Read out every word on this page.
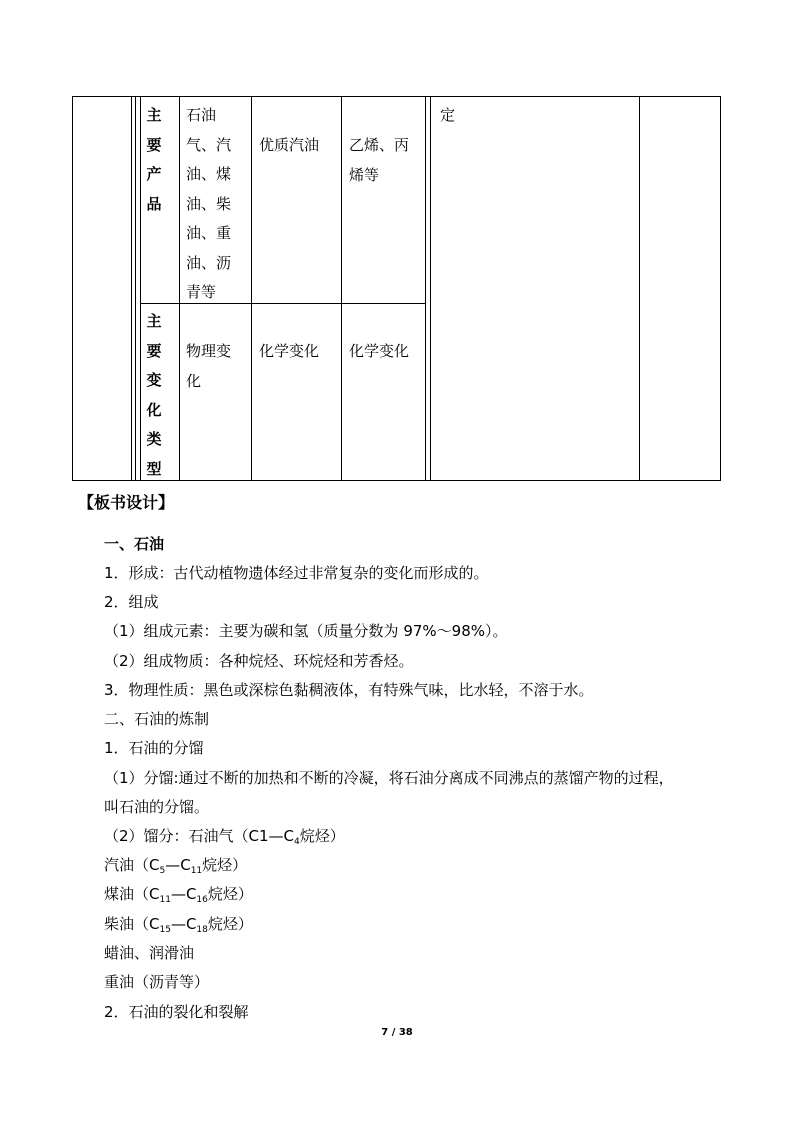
主
要
产
品
石油
气、汽
油、煤
油、柴
油、重
油、沥
青等
优质汽油	乙烯、丙
烯等
定
主
要
变
化
类
型
物理变
化
化学变化	化学变化
【板书设计】
一、石油
1．形成：古代动植物遗体经过非常复杂的变化而形成的。
2．组成
（1）组成元素：主要为碳和氢（质量分数为 97%～98%）。
（2）组成物质：各种烷烃、环烷烃和芳香烃。
3．物理性质：黑色或深棕色黏稠液体，有特殊气味，比水轻，不溶于水。
二、石油的炼制
1．石油的分馏
（1）分馏:通过不断的加热和不断的冷凝，将石油分离成不同沸点的蒸馏产物的过程，
叫石油的分馏。
（2）馏分：石油气（$C1—C_4$烷烃）
汽油（$C_5—C_{11}$烷烃）
煤油（$C_{11}—C_{16}$烷烃）
柴油（$C_{15}—C_{18}$烷烃）
蜡油、润滑油
重油（沥青等）
2．石油的裂化和裂解
7 / 38
